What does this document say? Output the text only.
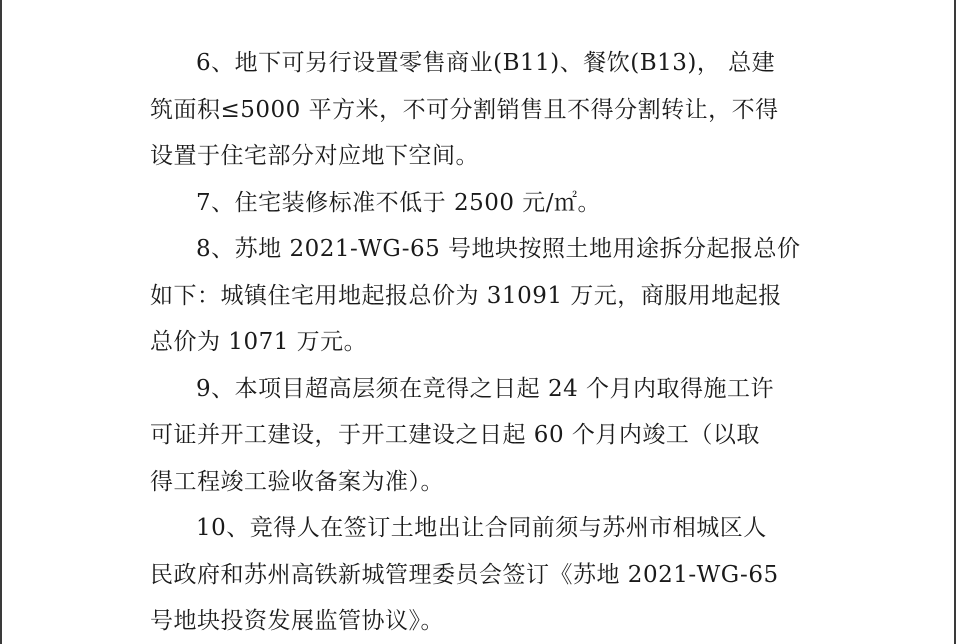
6、地下可另行设置零售商业(B11)、餐饮(B13)， 总建
筑面积≤5000 平方米，不可分割销售且不得分割转让，不得
设置于住宅部分对应地下空间。

7、住宅装修标准不低于 2500 元/㎡。

8、苏地 2021-WG-65 号地块按照土地用途拆分起报总价
如下：城镇住宅用地起报总价为 31091 万元，商服用地起报
总价为 1071 万元。

9、本项目超高层须在竞得之日起 24 个月内取得施工许
可证并开工建设，于开工建设之日起 60 个月内竣工（以取
得工程竣工验收备案为准）。

10、竞得人在签订土地出让合同前须与苏州市相城区人
民政府和苏州高铁新城管理委员会签订《苏地 2021-WG-65
号地块投资发展监管协议》。
